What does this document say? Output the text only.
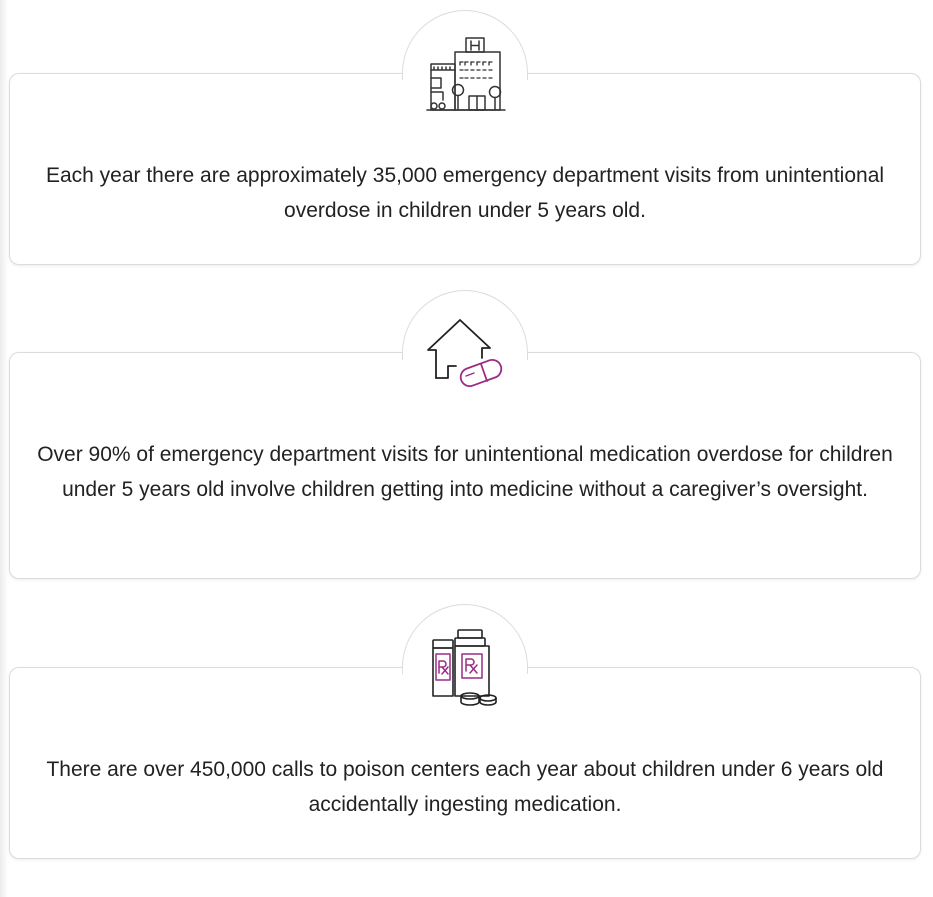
Each year there are approximately 35,000 emergency department visits from unintentional overdose in children under 5 years old.

Over 90% of emergency department visits for unintentional medication overdose for children under 5 years old involve children getting into medicine without a caregiver’s oversight.

There are over 450,000 calls to poison centers each year about children under 6 years old accidentally ingesting medication.
